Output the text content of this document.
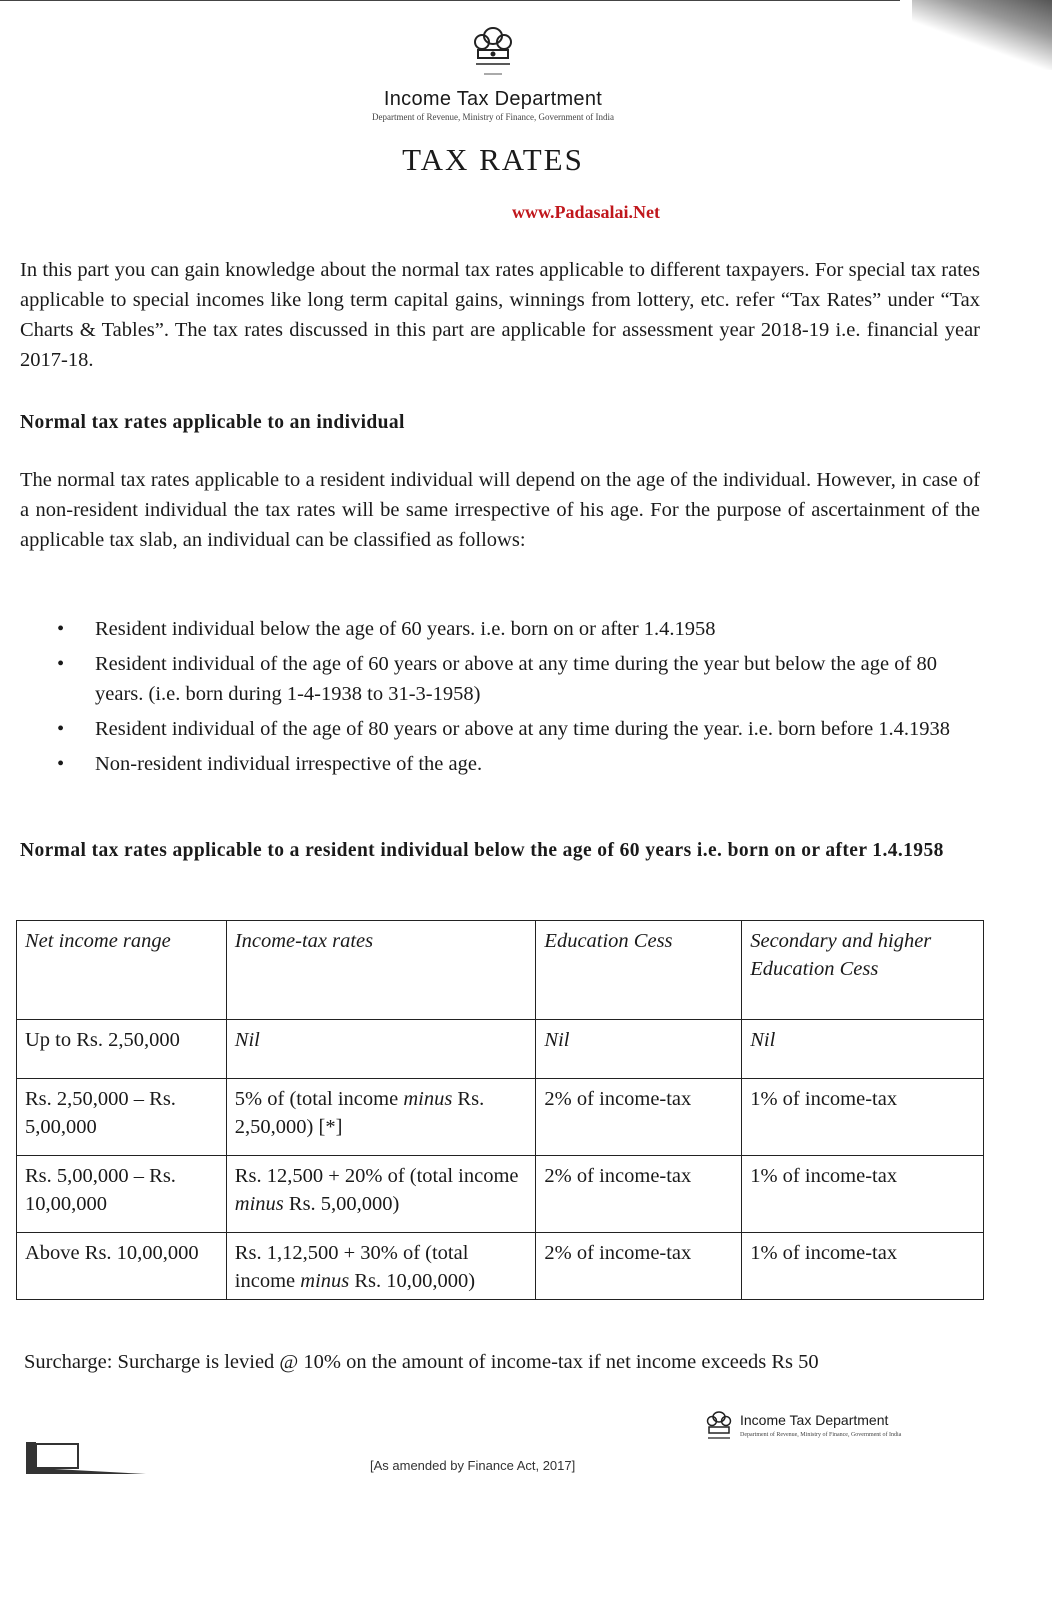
Income Tax Department
Department of Revenue, Ministry of Finance, Government of India
TAX RATES
www.Padasalai.Net

In this part you can gain knowledge about the normal tax rates applicable to different taxpayers. For special tax rates applicable to special incomes like long term capital gains, winnings from lottery, etc. refer “Tax Rates” under “Tax Charts & Tables”. The tax rates discussed in this part are applicable for assessment year 2018-19 i.e. financial year 2017-18.

Normal tax rates applicable to an individual

The normal tax rates applicable to a resident individual will depend on the age of the individual. However, in case of a non-resident individual the tax rates will be same irrespective of his age. For the purpose of ascertainment of the applicable tax slab, an individual can be classified as follows:

• Resident individual below the age of 60 years. i.e. born on or after 1.4.1958
• Resident individual of the age of 60 years or above at any time during the year but below the age of 80 years. (i.e. born during 1-4-1938 to 31-3-1958)
• Resident individual of the age of 80 years or above at any time during the year. i.e. born before 1.4.1938
• Non-resident individual irrespective of the age.

Normal tax rates applicable to a resident individual below the age of 60 years i.e. born on or after 1.4.1958

Net income range	Income-tax rates	Education Cess	Secondary and higher Education Cess
Up to Rs. 2,50,000	Nil	Nil	Nil
Rs. 2,50,000 – Rs. 5,00,000	5% of (total income minus Rs. 2,50,000) [*]	2% of income-tax	1% of income-tax
Rs. 5,00,000 – Rs. 10,00,000	Rs. 12,500 + 20% of (total income minus Rs. 5,00,000)	2% of income-tax	1% of income-tax
Above Rs. 10,00,000	Rs. 1,12,500 + 30% of (total income minus Rs. 10,00,000)	2% of income-tax	1% of income-tax

Surcharge: Surcharge is levied @ 10% on the amount of income-tax if net income exceeds Rs 50

Income Tax Department
Department of Revenue, Ministry of Finance, Government of India
[As amended by Finance Act, 2017]
